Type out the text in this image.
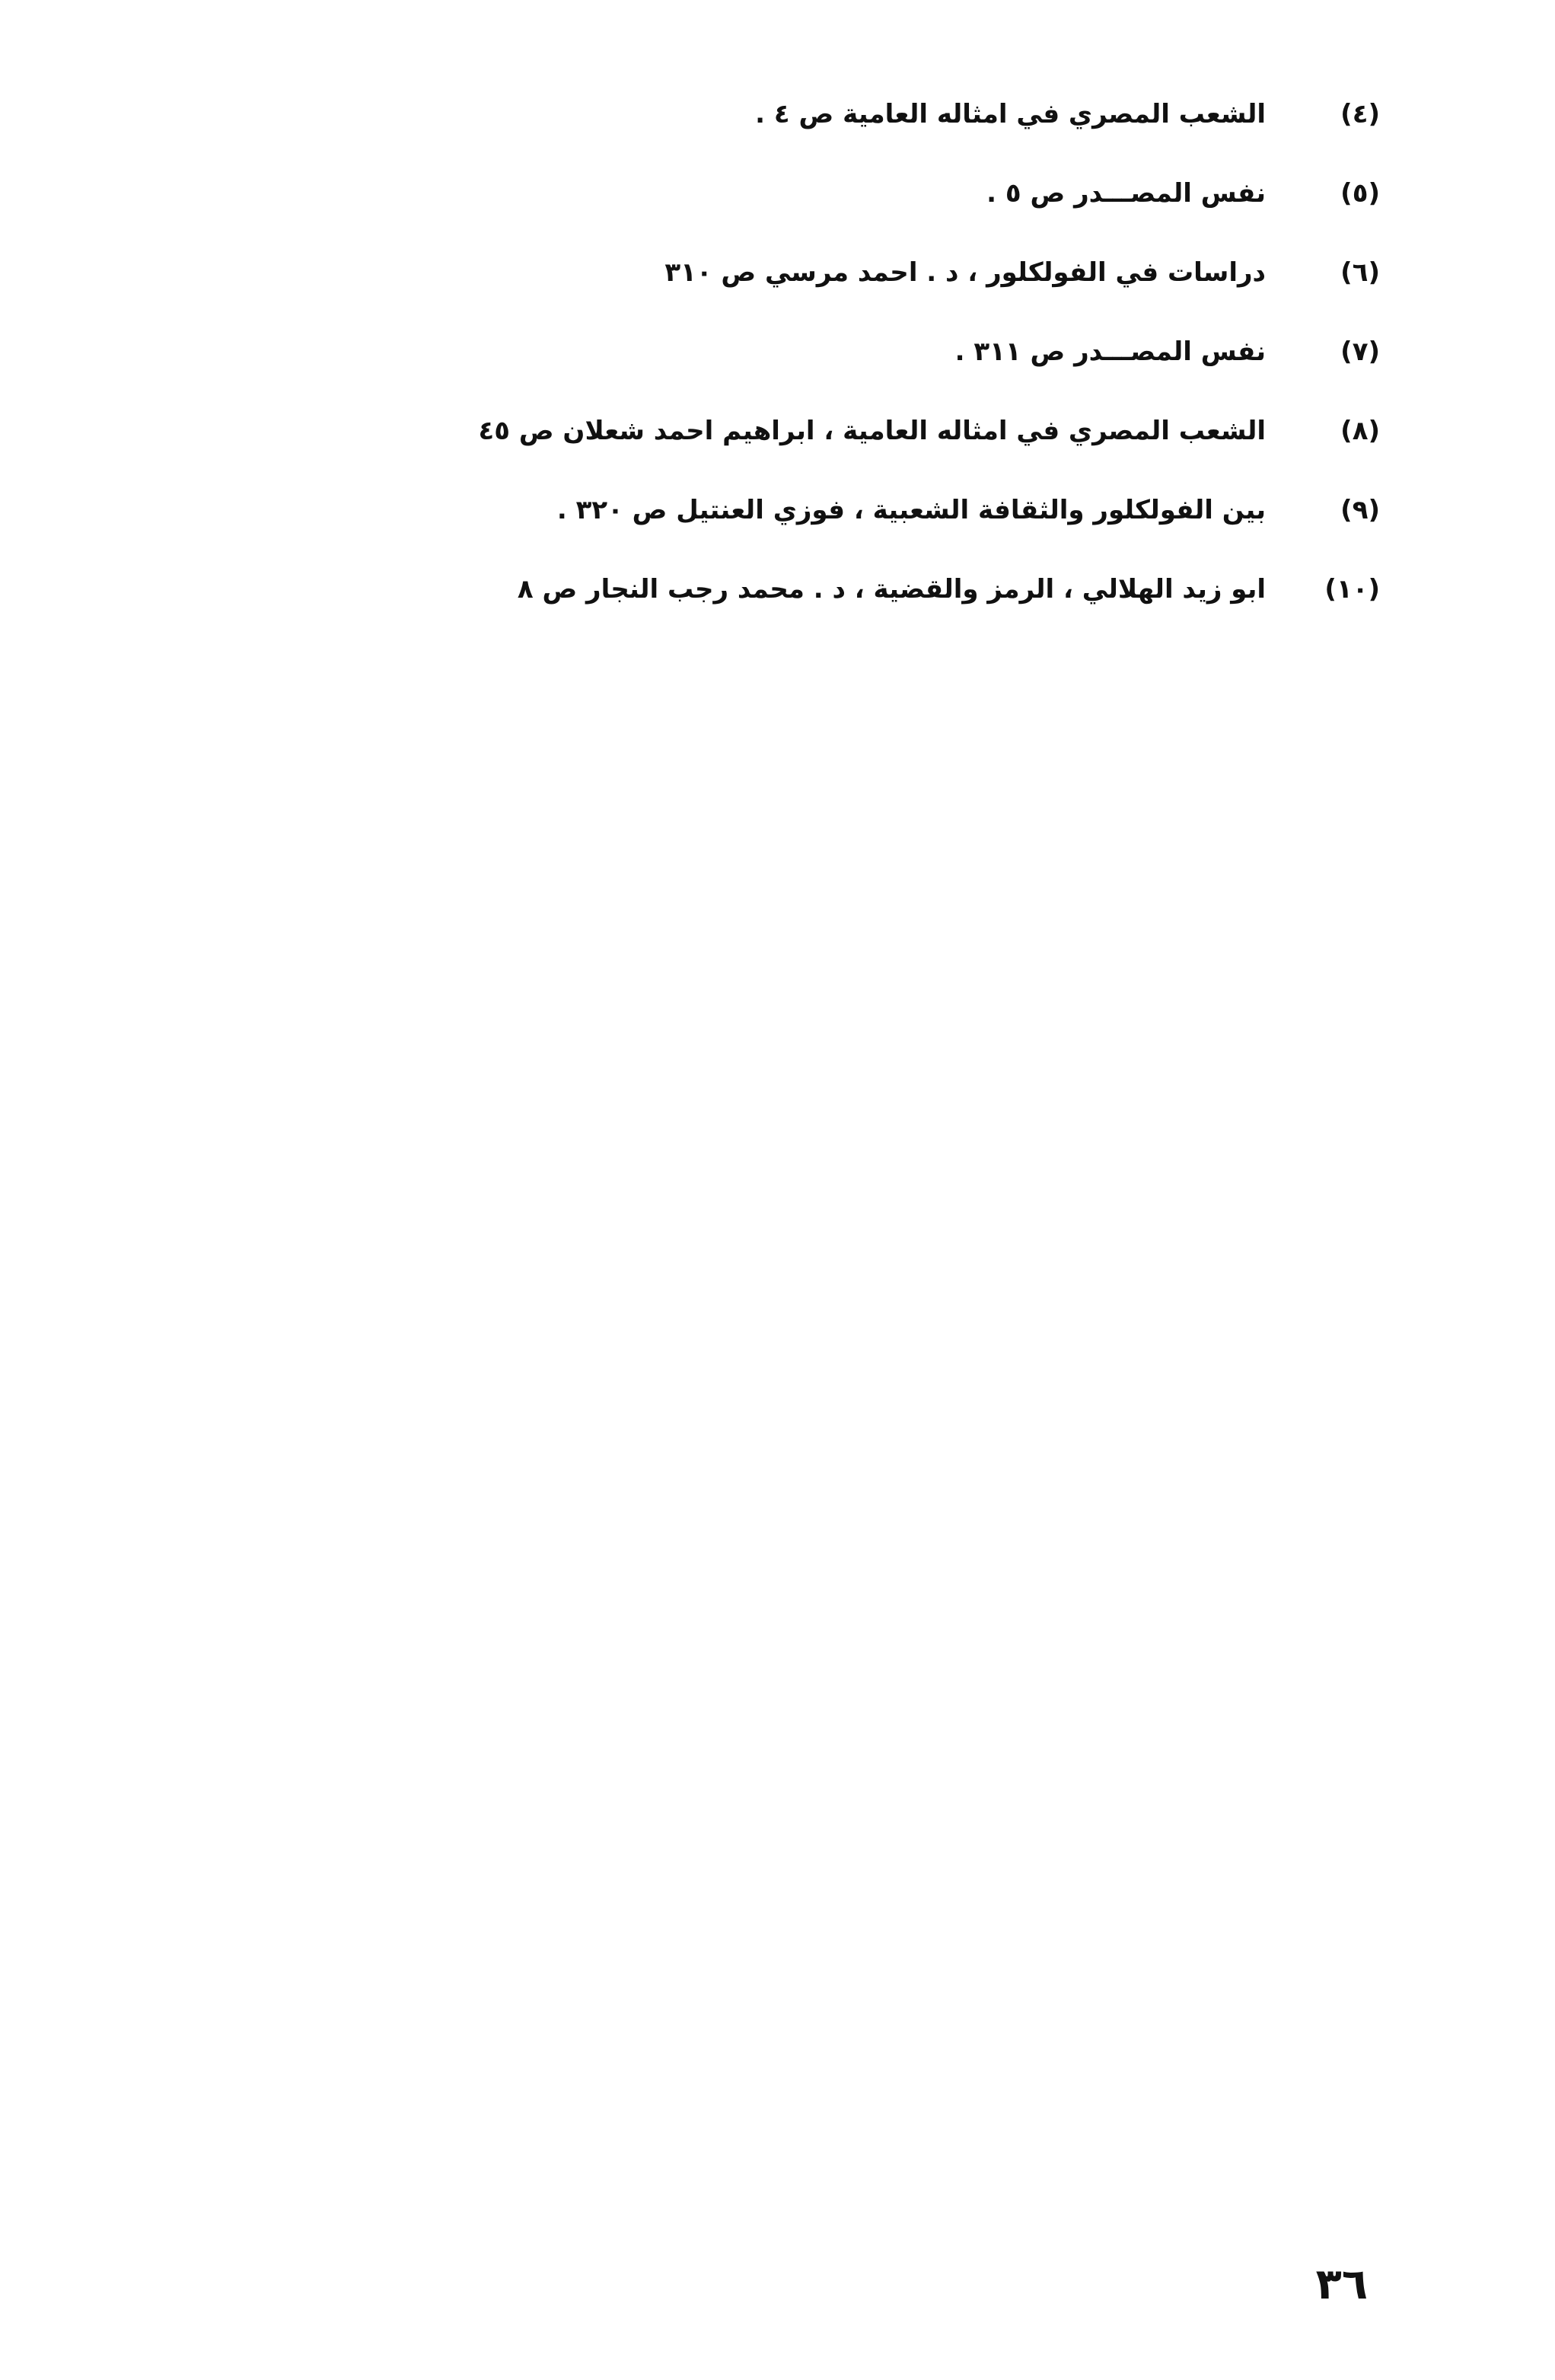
(٤)
الشعب المصري في امثاله العامية ص ٤ .
(٥)
نفس المصـــدر ص ٥ .
(٦)
دراسات في الفولكلور ، د . احمد مرسي ص ٣١٠
(٧)
نفس المصـــدر ص ٣١١ .
(٨)
الشعب المصري في امثاله العامية ، ابراهيم احمد شعلان ص ٤٥
(٩)
بين الفولكلور والثقافة الشعبية ، فوزي العنتيل ص ٣٢٠ .
(١٠)
ابو زيد الهلالي ، الرمز والقضية ، د . محمد رجب النجار ص ٨
٣٦
